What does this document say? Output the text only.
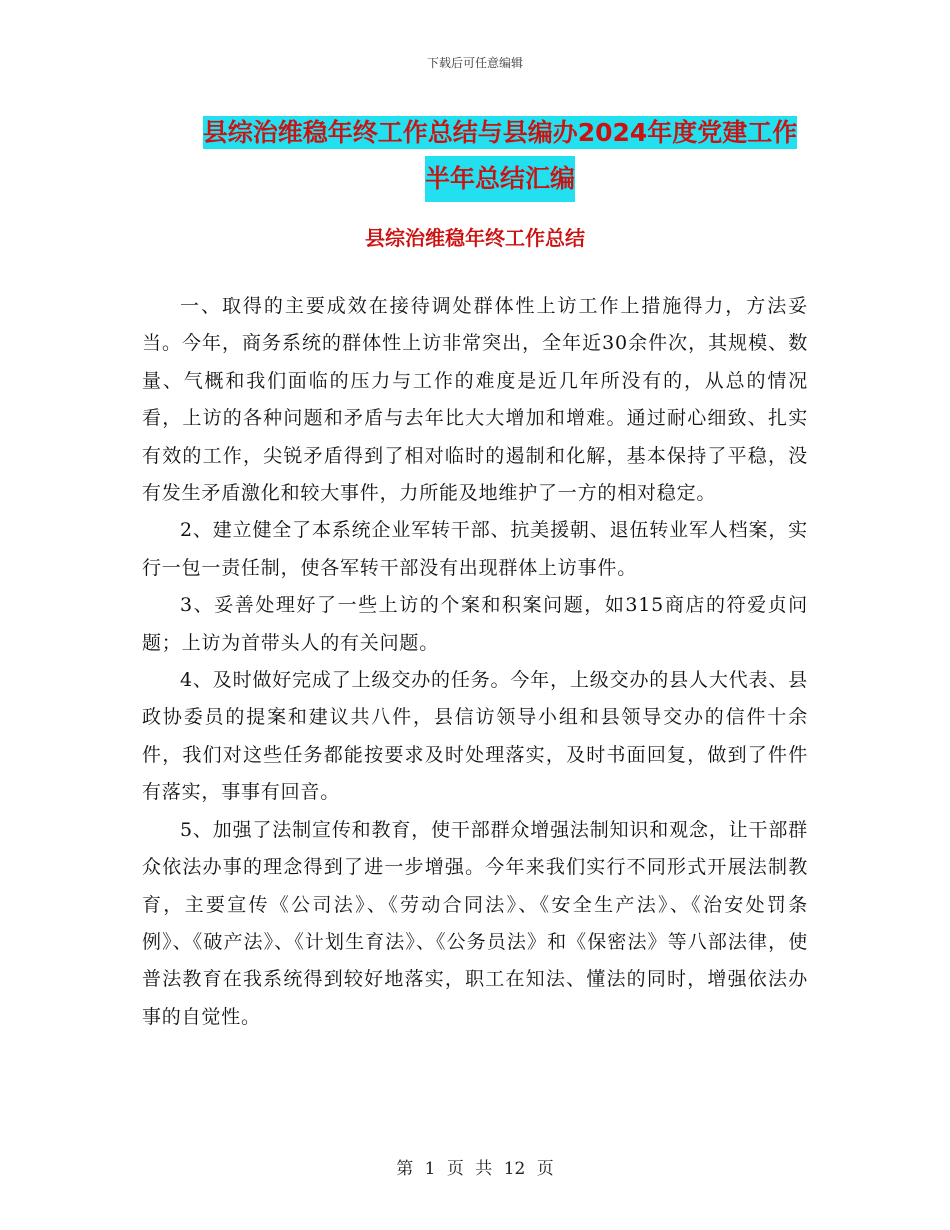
下载后可任意编辑
县综治维稳年终工作总结与县编办2024年度党建工作
半年总结汇编
县综治维稳年终工作总结

一、取得的主要成效在接待调处群体性上访工作上措施得力，方法妥当。今年，商务系统的群体性上访非常突出，全年近30余件次，其规模、数量、气概和我们面临的压力与工作的难度是近几年所没有的，从总的情况看，上访的各种问题和矛盾与去年比大大增加和增难。通过耐心细致、扎实有效的工作，尖锐矛盾得到了相对临时的遏制和化解，基本保持了平稳，没有发生矛盾激化和较大事件，力所能及地维护了一方的相对稳定。

2、建立健全了本系统企业军转干部、抗美援朝、退伍转业军人档案，实行一包一责任制，使各军转干部没有出现群体上访事件。

3、妥善处理好了一些上访的个案和积案问题，如315商店的符爱贞问题；上访为首带头人的有关问题。

4、及时做好完成了上级交办的任务。今年，上级交办的县人大代表、县政协委员的提案和建议共八件，县信访领导小组和县领导交办的信件十余件，我们对这些任务都能按要求及时处理落实，及时书面回复，做到了件件有落实，事事有回音。

5、加强了法制宣传和教育，使干部群众增强法制知识和观念，让干部群众依法办事的理念得到了进一步增强。今年来我们实行不同形式开展法制教育，主要宣传《公司法》、《劳动合同法》、《安全生产法》、《治安处罚条例》、《破产法》、《计划生育法》、《公务员法》和《保密法》等八部法律，使普法教育在我系统得到较好地落实，职工在知法、懂法的同时，增强依法办事的自觉性。

第 1 页 共 12 页
